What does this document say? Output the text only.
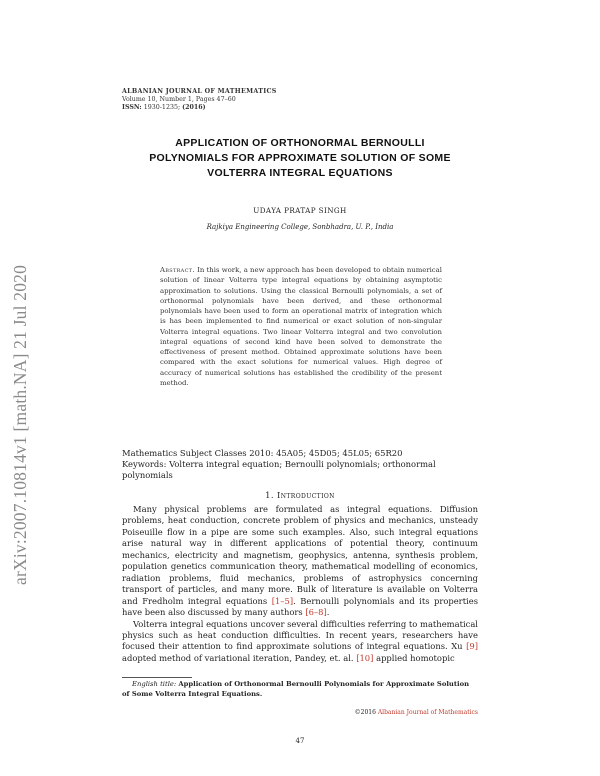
arXiv:2007.10814v1 [math.NA] 21 Jul 2020
ALBANIAN JOURNAL OF MATHEMATICS
Volume 10, Number 1, Pages 47–60
ISSN: 1930-1235; (2016)
APPLICATION OF ORTHONORMAL BERNOULLI
POLYNOMIALS FOR APPROXIMATE SOLUTION OF SOME
VOLTERRA INTEGRAL EQUATIONS
UDAYA PRATAP SINGH
Rajkiya Engineering College, Sonbhadra, U. P., India
Abstract. In this work, a new approach has been developed to obtain numerical solution of linear Volterra type integral equations by obtaining asymptotic approximation to solutions. Using the classical Bernoulli polynomials, a set of orthonormal polynomials have been derived, and these orthonormal polynomials have been used to form an operational matrix of integration which is has been implemented to find numerical or exact solution of non-singular Volterra integral equations. Two linear Volterra integral and two convolution integral equations of second kind have been solved to demonstrate the effectiveness of present method. Obtained approximate solutions have been compared with the exact solutions for numerical values. High degree of accuracy of numerical solutions has established the credibility of the present method.
Mathematics Subject Classes 2010: 45A05; 45D05; 45L05; 65R20
Keywords: Volterra integral equation; Bernoulli polynomials; orthonormal polynomials
1. Introduction

Many physical problems are formulated as integral equations. Diffusion problems, heat conduction, concrete problem of physics and mechanics, unsteady Poiseuille flow in a pipe are some such examples. Also, such integral equations arise natural way in different applications of potential theory, continuum mechanics, electricity and magnetism, geophysics, antenna, synthesis problem, population genetics communication theory, mathematical modelling of economics, radiation problems, fluid mechanics, problems of astrophysics concerning transport of particles, and many more. Bulk of literature is available on Volterra and Fredholm integral equations [1–5]. Bernoulli polynomials and its properties have been also discussed by many authors [6–8].

Volterra integral equations uncover several difficulties referring to mathematical physics such as heat conduction difficulties. In recent years, researchers have focused their attention to find approximate solutions of integral equations. Xu [9] adopted method of variational iteration, Pandey, et. al. [10] applied homotopic

English title: Application of Orthonormal Bernoulli Polynomials for Approximate Solution of Some Volterra Integral Equations.
©2016 Albanian Journal of Mathematics
47
